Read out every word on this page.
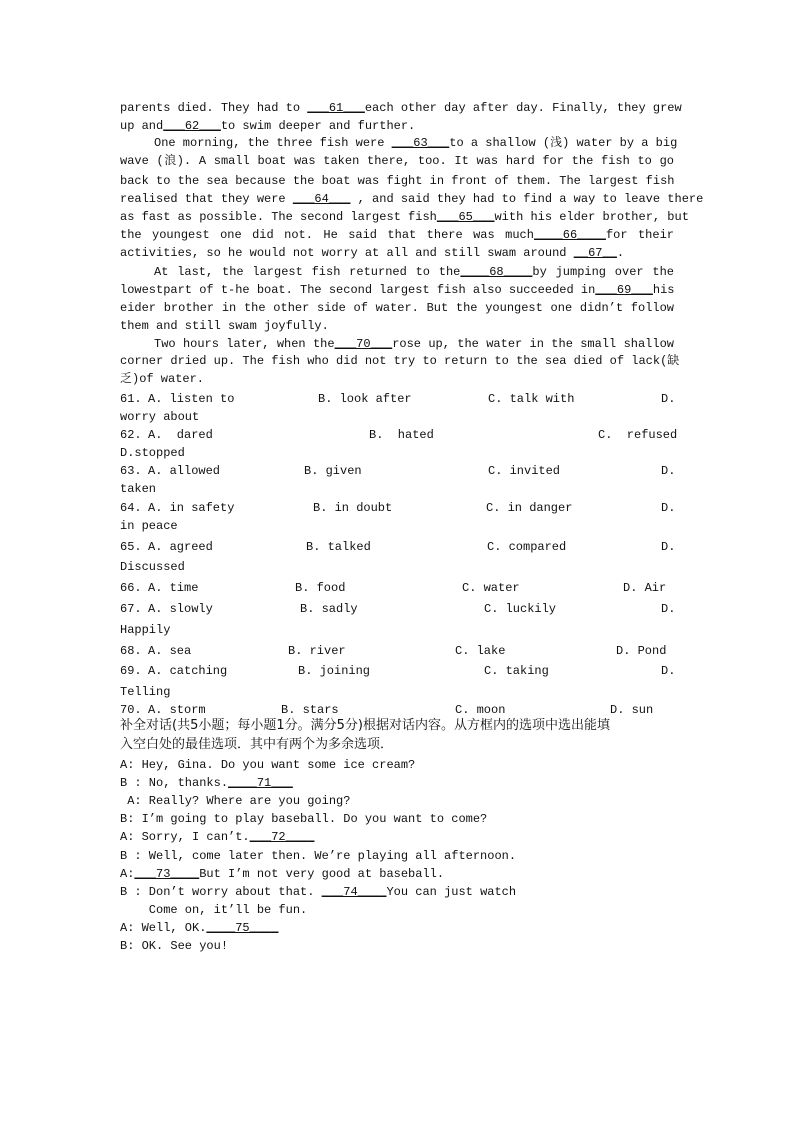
parents died. They had to ___61___each other day after day. Finally, they grew
up and___62___to swim deeper and further.
One morning, the three fish were ___63___to a shallow (浅) water by a big
wave (浪). A small boat was taken there, too. It was hard for the fish to go
back to the sea because the boat was fight in front of them. The largest fish
realised that they were ___64___ , and said they had to find a way to leave there
as fast as possible. The second largest fish___65___with his elder brother, but
the youngest one did not. He said that there was much____66____for their
activities, so he would not worry at all and still swam around __67__.
At last, the largest fish returned to the____68____by jumping over the
lowestpart of t-he boat. The second largest fish also succeeded in___69___his
eider brother in the other side of water. But the youngest one didn’t follow
them and still swam joyfully.
Two hours later, when the___70___rose up, the water in the small shallow
corner dried up. The fish who did not try to return to the sea died of lack(缺
乏)of water.
61. A. listen to	B. look after	C. talk with	D.
worry about
62. A.  dared	B.  hated	C.  refused
D.stopped
63. A. allowed	B. given	C. invited	D.
taken
64. A. in safety	B. in doubt	C. in danger	D.
in peace
65. A. agreed	B. talked	C. compared	D.
Discussed
66. A. time	B. food	C. water	D. Air
67. A. slowly	B. sadly	C. luckily	D.
Happily
68. A. sea	B. river	C. lake	D. Pond
69. A. catching	B. joining	C. taking	D.
Telling
70. A. storm	B. stars	C. moon	D. sun
补全对话(共5小题；每小题1分。满分5分)根据对话内容。从方框内的选项中选出能填
入空白处的最佳选项．其中有两个为多余选项．
A: Hey, Gina. Do you want some ice cream?
B : No, thanks.____71___
A: Really? Where are you going?
B: I’m going to play baseball. Do you want to come?
A: Sorry, I can’t.___72____
B : Well, come later then. We’re playing all afternoon.
A:___73____But I’m not very good at baseball.
B : Don’t worry about that. ___74____You can just watch
Come on, it’ll be fun.
A: Well, OK.____75____
B: OK. See you!
